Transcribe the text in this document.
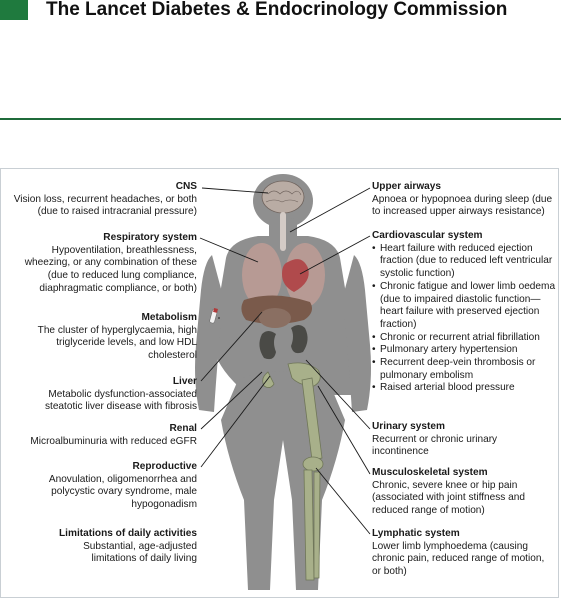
The Lancet Diabetes & Endocrinology Commission
CNS
Vision loss, recurrent headaches, or both (due to raised intracranial pressure)
Respiratory system
Hypoventilation, breathlessness, wheezing, or any combination of these (due to reduced lung compliance, diaphragmatic compliance, or both)
Metabolism
The cluster of hyperglycaemia, high triglyceride levels, and low HDL cholesterol
Liver
Metabolic dysfunction-associated steatotic liver disease with fibrosis
Renal
Microalbuminuria with reduced eGFR
Reproductive
Anovulation, oligomenorrhea and polycystic ovary syndrome, male hypogonadism
Limitations of daily activities
Substantial, age-adjusted limitations of daily living
Upper airways
Apnoea or hypopnoea during sleep (due to increased upper airways resistance)
Cardiovascular system
• Heart failure with reduced ejection fraction (due to reduced left ventricular systolic function)
• Chronic fatigue and lower limb oedema (due to impaired diastolic function—heart failure with preserved ejection fraction)
• Chronic or recurrent atrial fibrillation
• Pulmonary artery hypertension
• Recurrent deep-vein thrombosis or pulmonary embolism
• Raised arterial blood pressure
Urinary system
Recurrent or chronic urinary incontinence
Musculoskeletal system
Chronic, severe knee or hip pain (associated with joint stiffness and reduced range of motion)
Lymphatic system
Lower limb lymphoedema (causing chronic pain, reduced range of motion, or both)
